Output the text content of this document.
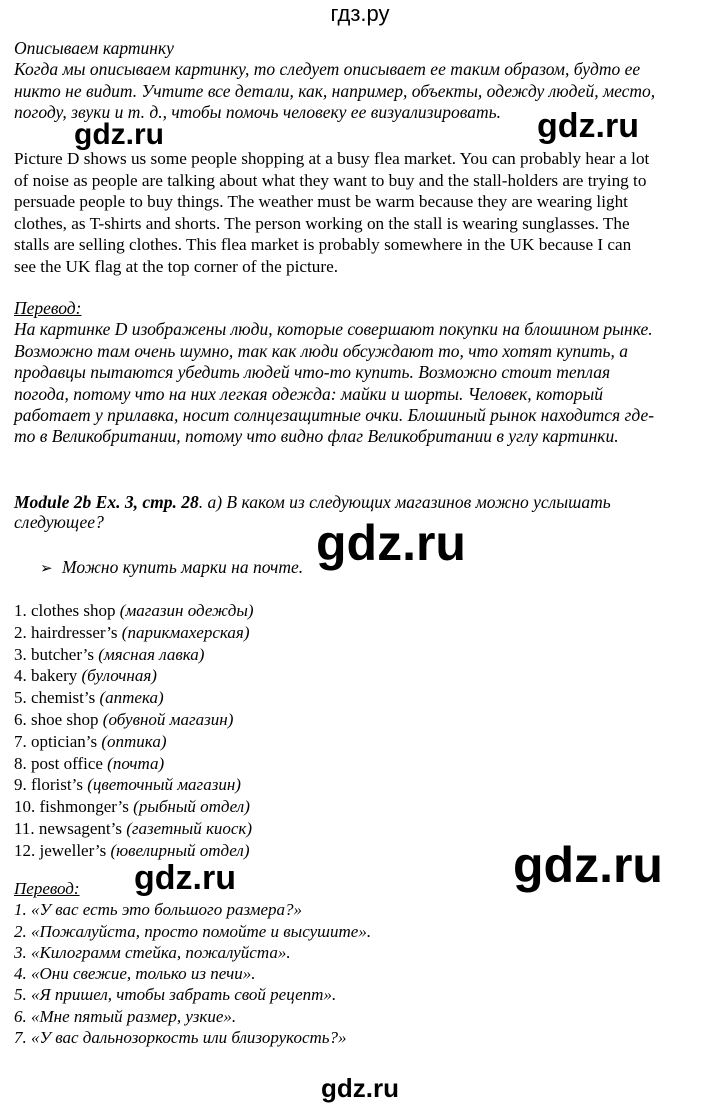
гдз.ру
Описываем картинку
Когда мы описываем картинку, то следует описывает ее таким образом, будто ее
никто не видит. Учтите все детали, как, например, объекты, одежду людей, место,
погоду, звуки и т. д., чтобы помочь человеку ее визуализировать.
Picture D shows us some people shopping at a busy flea market. You can probably hear a lot
of noise as people are talking about what they want to buy and the stall-holders are trying to
persuade people to buy things. The weather must be warm because they are wearing light
clothes, as T-shirts and shorts. The person working on the stall is wearing sunglasses. The
stalls are selling clothes. This flea market is probably somewhere in the UK because I can
see the UK flag at the top corner of the picture.
Перевод:
На картинке D изображены люди, которые совершают покупки на блошином рынке.
Возможно там очень шумно, так как люди обсуждают то, что хотят купить, а
продавцы пытаются убедить людей что-то купить. Возможно стоит теплая
погода, потому что на них легкая одежда: майки и шорты. Человек, который
работает у прилавка, носит солнцезащитные очки. Блошиный рынок находится где-
то в Великобритании, потому что видно флаг Великобритании в углу картинки.
Module 2b Ex. 3, стр. 28. а) В каком из следующих магазинов можно услышать
следующее?
➢ Можно купить марки на почте.
1. clothes shop (магазин одежды)
2. hairdresser’s (парикмахерская)
3. butcher’s (мясная лавка)
4. bakery (булочная)
5. chemist’s (аптека)
6. shoe shop (обувной магазин)
7. optician’s (оптика)
8. post office (почта)
9. florist’s (цветочный магазин)
10. fishmonger’s (рыбный отдел)
11. newsagent’s (газетный киоск)
12. jeweller’s (ювелирный отдел)
Перевод:
1. «У вас есть это большого размера?»
2. «Пожалуйста, просто помойте и высушите».
3. «Килограмм стейка, пожалуйста».
4. «Они свежие, только из печи».
5. «Я пришел, чтобы забрать свой рецепт».
6. «Мне пятый размер, узкие».
7. «У вас дальнозоркость или близорукость?»
gdz.ru	gdz.ru
gdz.ru
gdz.ru
gdz.ru
gdz.ru
